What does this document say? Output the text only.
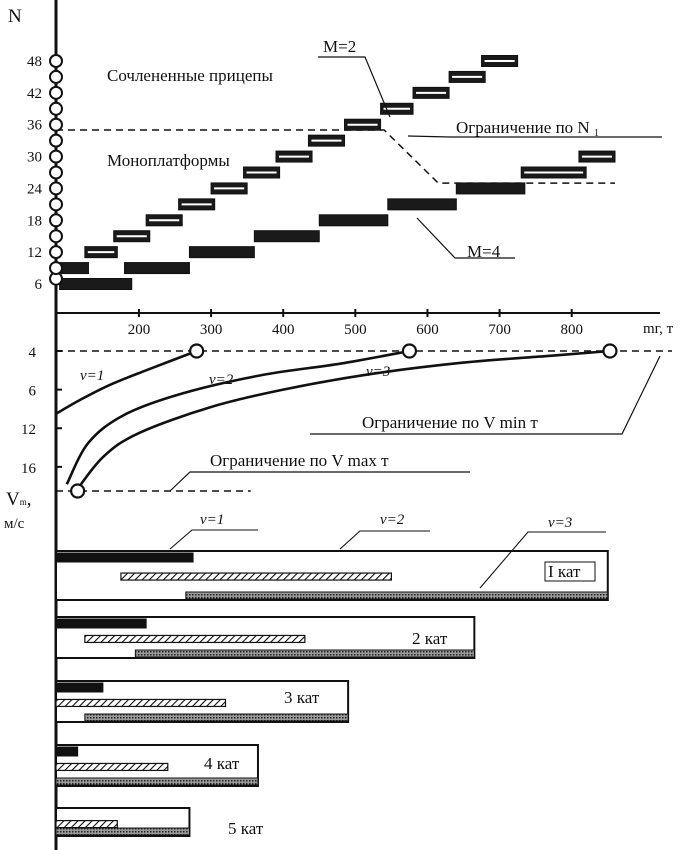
N
6
12
18
24
30
36
42
48
200	300	400	500	600	700	800	mг, т
Сочлененные прицепы
Моноплатформы
M=2
M=4
Ограничение по N 1
4
6
12
16
Vm,
м/с
ν=1	ν=2	ν=3
Ограничение по V min т
Ограничение по V max т
I кат
2 кат
3 кат
4 кат
5 кат
ν=1	ν=2	ν=3
